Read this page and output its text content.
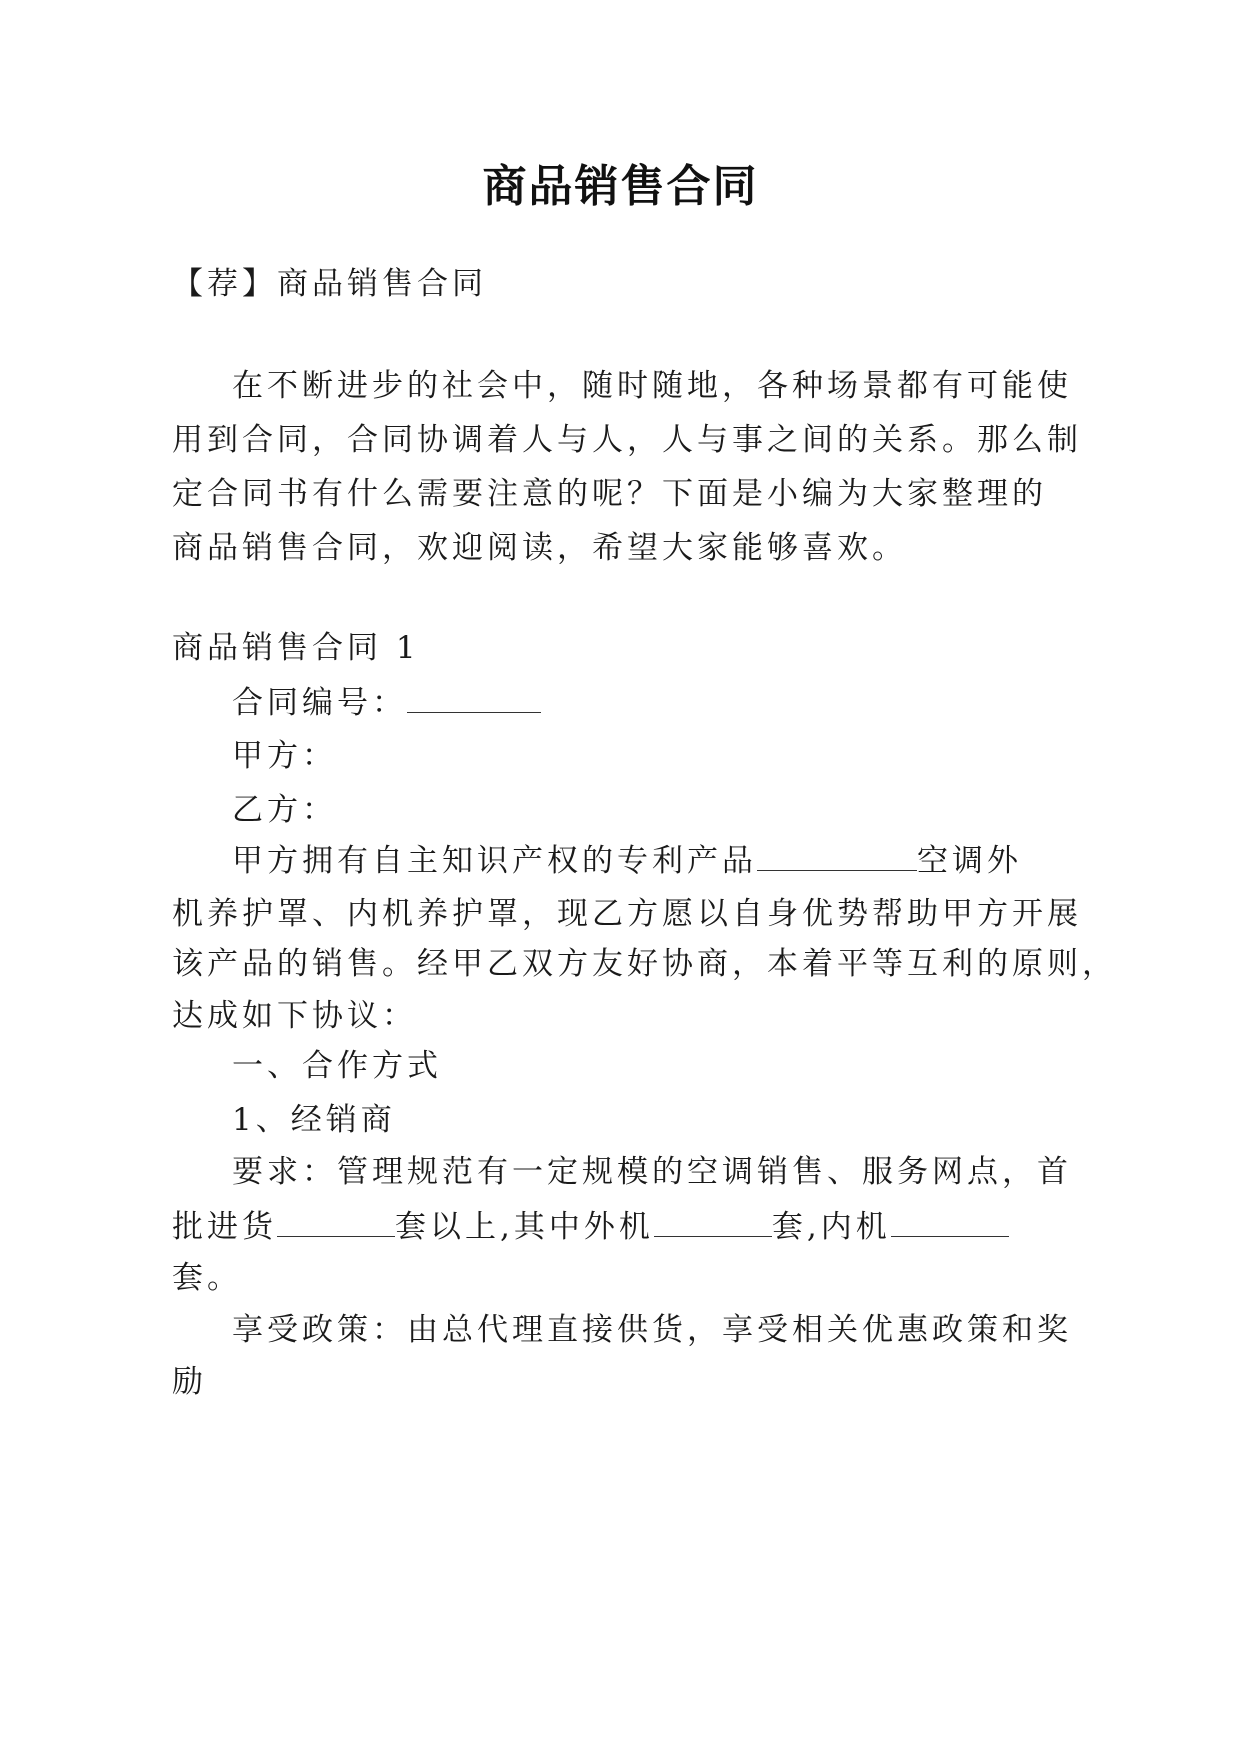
商品销售合同
【荐】商品销售合同
在不断进步的社会中，随时随地，各种场景都有可能使
用到合同，合同协调着人与人，人与事之间的关系。那么制
定合同书有什么需要注意的呢？下面是小编为大家整理的
商品销售合同，欢迎阅读，希望大家能够喜欢。
商品销售合同 1
合同编号：
甲方：
乙方：
甲方拥有自主知识产权的专利产品	空调外
机养护罩、内机养护罩，现乙方愿以自身优势帮助甲方开展
该产品的销售。经甲乙双方友好协商，本着平等互利的原则，
达成如下协议：
一、合作方式
1、经销商
要求：管理规范有一定规模的空调销售、服务网点，首
批进货	套以上,其中外机	套,内机
套。
享受政策：由总代理直接供货，享受相关优惠政策和奖
励
